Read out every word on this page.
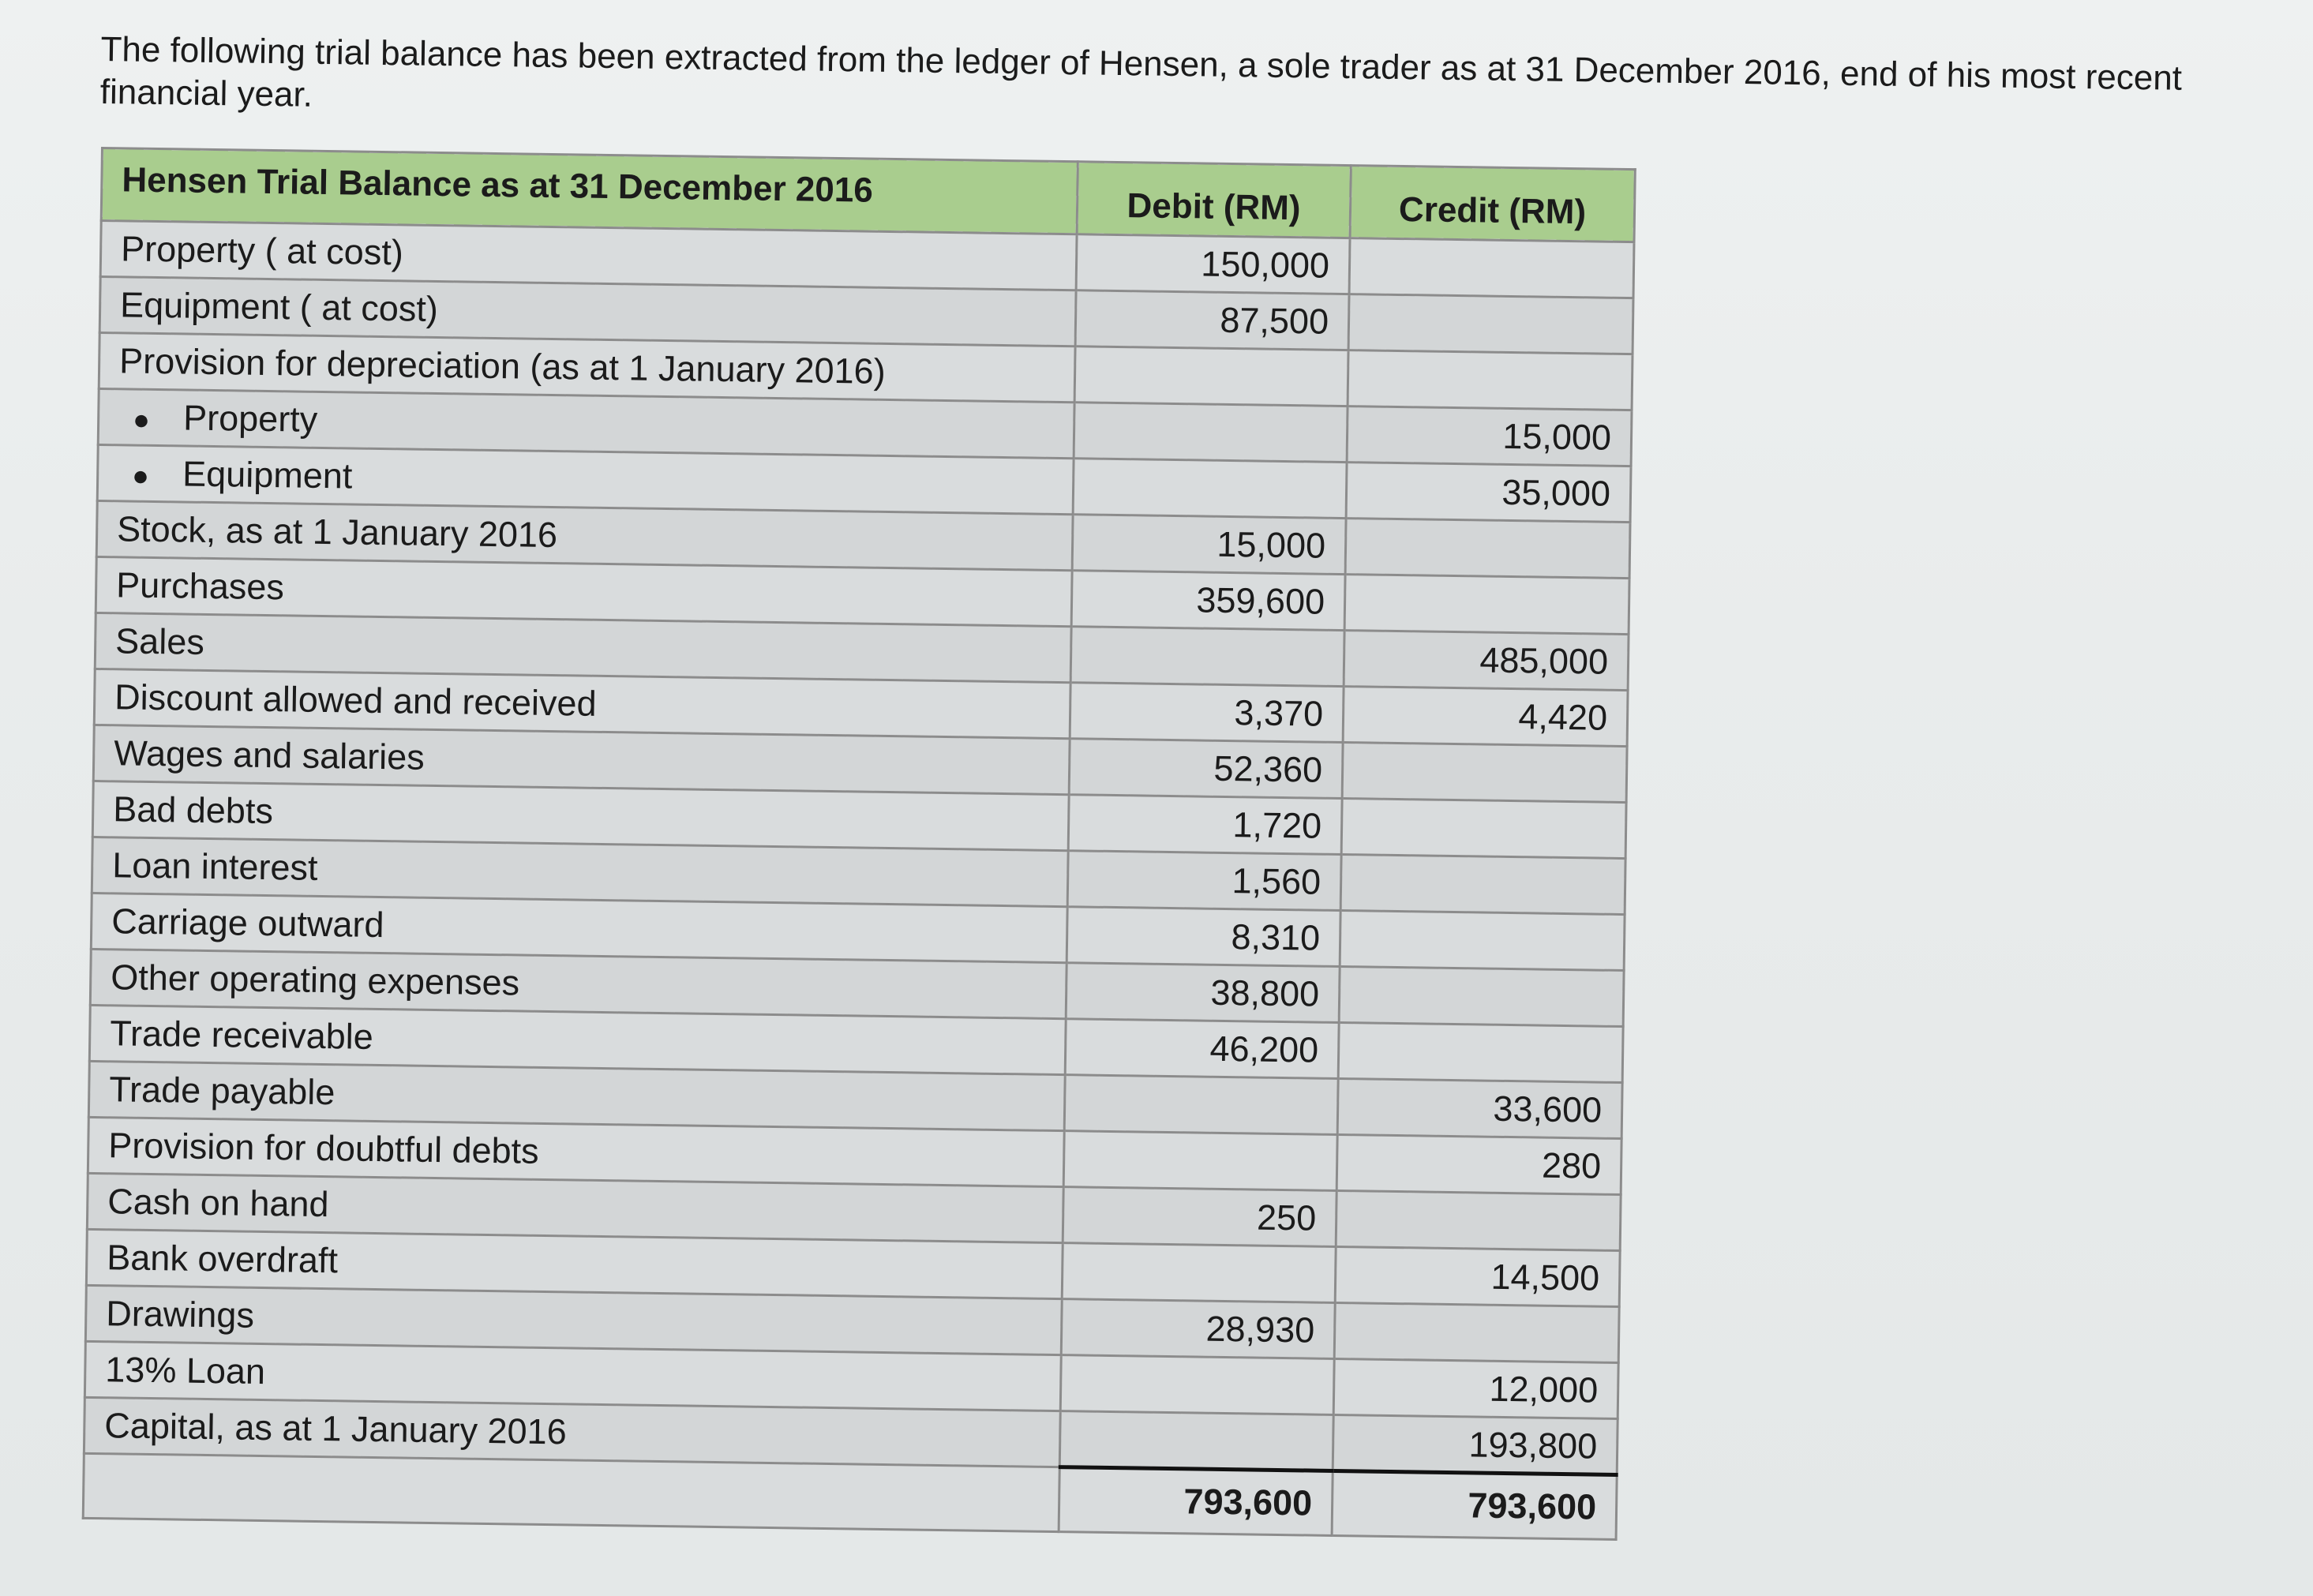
The following trial balance has been extracted from the ledger of Hensen, a sole trader as at 31 December 2016, end of his most recent financial year.

Hensen Trial Balance as at 31 December 2016	Debit (RM)	Credit (RM)
Property ( at cost)	150,000	
Equipment ( at cost)	87,500	
Provision for depreciation (as at 1 January 2016)		
● Property		15,000
● Equipment		35,000
Stock, as at 1 January 2016	15,000	
Purchases	359,600	
Sales		485,000
Discount allowed and received	3,370	4,420
Wages and salaries	52,360	
Bad debts	1,720	
Loan interest	1,560	
Carriage outward	8,310	
Other operating expenses	38,800	
Trade receivable	46,200	
Trade payable		33,600
Provision for doubtful debts		280
Cash on hand	250	
Bank overdraft		14,500
Drawings	28,930	
13% Loan		12,000
Capital, as at 1 January 2016		193,800
	793,600	793,600
